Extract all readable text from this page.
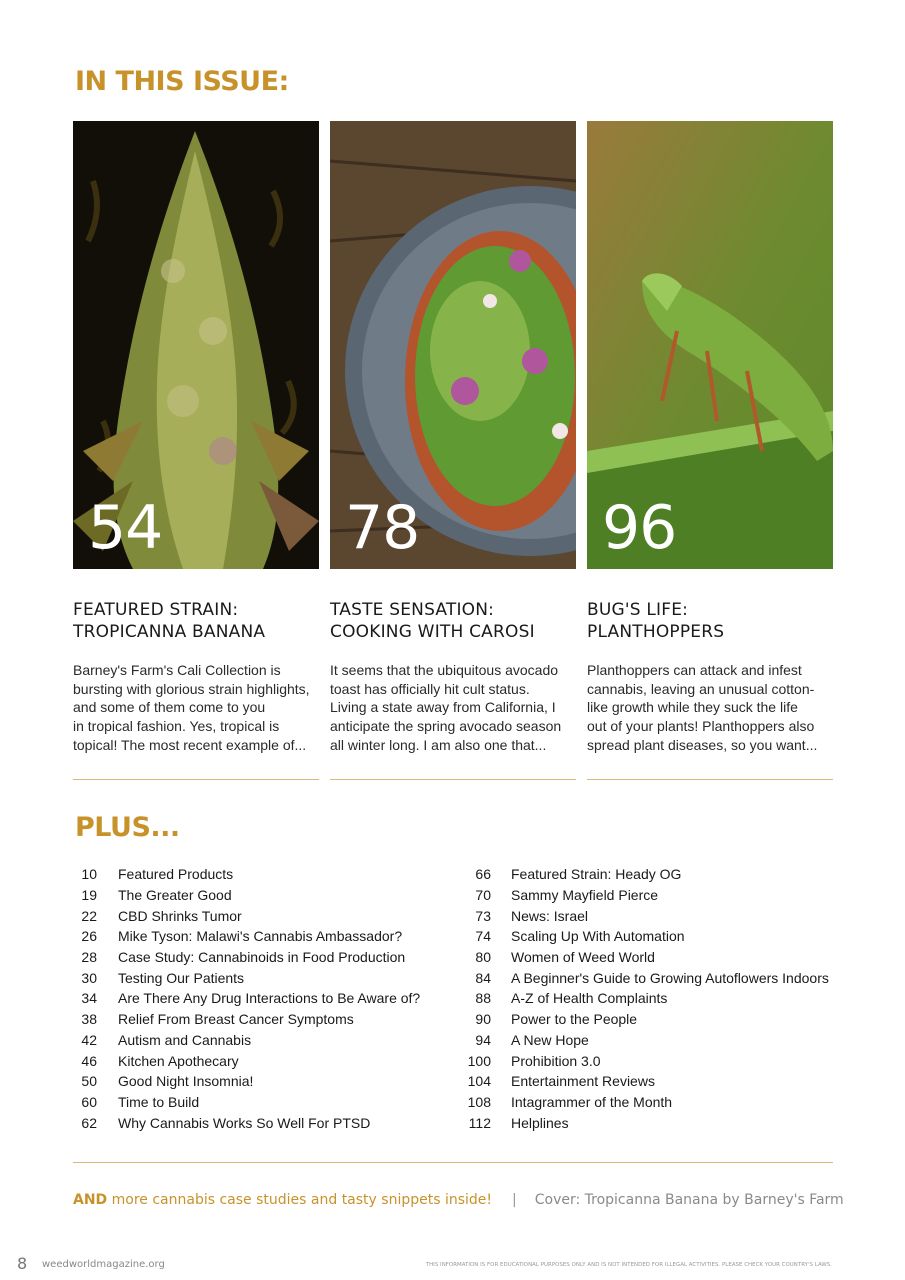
IN THIS ISSUE:
54
FEATURED STRAIN:
TROPICANNA BANANA
Barney's Farm's Cali Collection is
bursting with glorious strain highlights,
and some of them come to you
in tropical fashion. Yes, tropical is
topical! The most recent example of...
78
TASTE SENSATION:
COOKING WITH CAROSI
It seems that the ubiquitous avocado
toast has officially hit cult status.
Living a state away from California, I
anticipate the spring avocado season
all winter long. I am also one that...
96
BUG'S LIFE:
PLANTHOPPERS
Planthoppers can attack and infest
cannabis, leaving an unusual cotton-
like growth while they suck the life
out of your plants! Planthoppers also
spread plant diseases, so you want...
PLUS...
10 Featured Products
19 The Greater Good
22 CBD Shrinks Tumor
26 Mike Tyson: Malawi's Cannabis Ambassador?
28 Case Study: Cannabinoids in Food Production
30 Testing Our Patients
34 Are There Any Drug Interactions to Be Aware of?
38 Relief From Breast Cancer Symptoms
42 Autism and Cannabis
46 Kitchen Apothecary
50 Good Night Insomnia!
60 Time to Build
62 Why Cannabis Works So Well For PTSD
66 Featured Strain: Heady OG
70 Sammy Mayfield Pierce
73 News: Israel
74 Scaling Up With Automation
80 Women of Weed World
84 A Beginner's Guide to Growing Autoflowers Indoors
88 A-Z of Health Complaints
90 Power to the People
94 A New Hope
100 Prohibition 3.0
104 Entertainment Reviews
108 Intagrammer of the Month
112 Helplines
AND more cannabis case studies and tasty snippets inside! | Cover: Tropicanna Banana by Barney's Farm
8 weedworldmagazine.org	THIS INFORMATION IS FOR EDUCATIONAL PURPOSES ONLY AND IS NOT INTENDED FOR ILLEGAL ACTIVITIES. PLEASE CHECK YOUR COUNTRY'S LAWS.
